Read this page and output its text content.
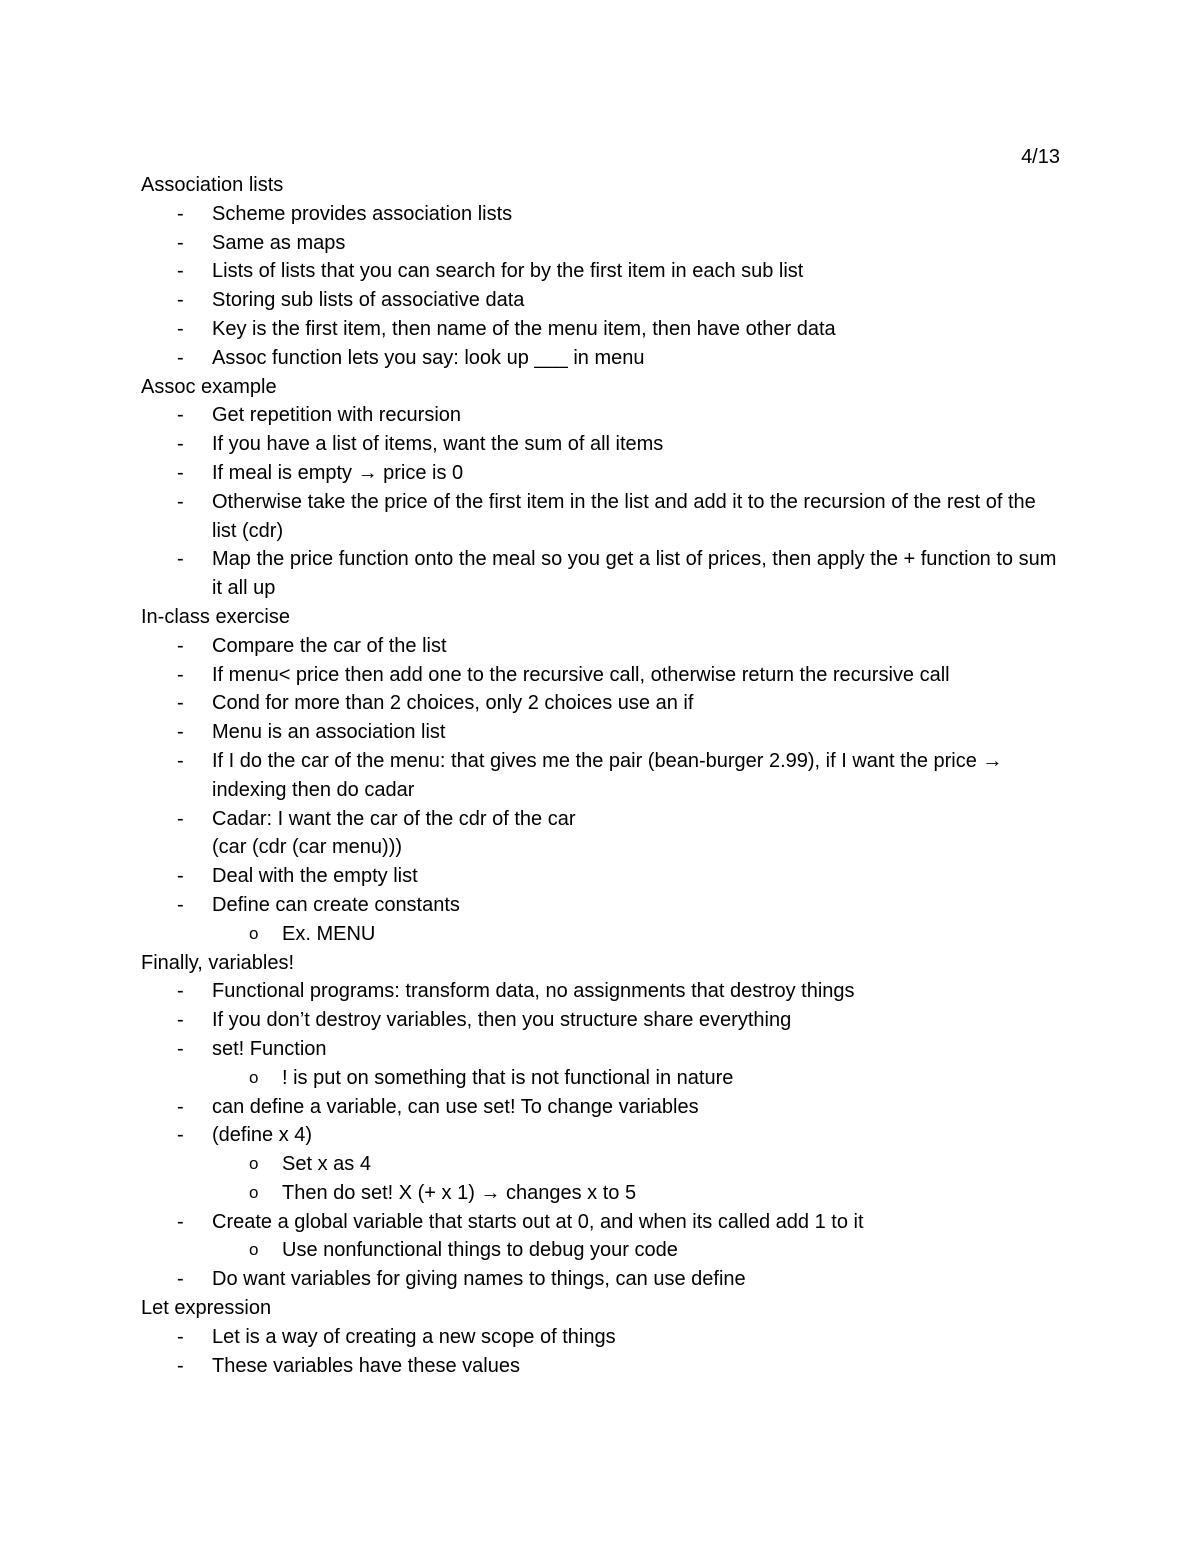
4/13
Association lists
- Scheme provides association lists
- Same as maps
- Lists of lists that you can search for by the first item in each sub list
- Storing sub lists of associative data
- Key is the first item, then name of the menu item, then have other data
- Assoc function lets you say: look up ___ in menu
Assoc example
- Get repetition with recursion
- If you have a list of items, want the sum of all items
- If meal is empty → price is 0
- Otherwise take the price of the first item in the list and add it to the recursion of the rest of the list (cdr)
- Map the price function onto the meal so you get a list of prices, then apply the + function to sum it all up
In-class exercise
- Compare the car of the list
- If menu< price then add one to the recursive call, otherwise return the recursive call
- Cond for more than 2 choices, only 2 choices use an if
- Menu is an association list
- If I do the car of the menu: that gives me the pair (bean-burger 2.99), if I want the price → indexing then do cadar
- Cadar: I want the car of the cdr of the car
(car (cdr (car menu)))
- Deal with the empty list
- Define can create constants
o Ex. MENU
Finally, variables!
- Functional programs: transform data, no assignments that destroy things
- If you don’t destroy variables, then you structure share everything
- set! Function
o ! is put on something that is not functional in nature
- can define a variable, can use set! To change variables
- (define x 4)
o Set x as 4
o Then do set! X (+ x 1) → changes x to 5
- Create a global variable that starts out at 0, and when its called add 1 to it
o Use nonfunctional things to debug your code
- Do want variables for giving names to things, can use define
Let expression
- Let is a way of creating a new scope of things
- These variables have these values
